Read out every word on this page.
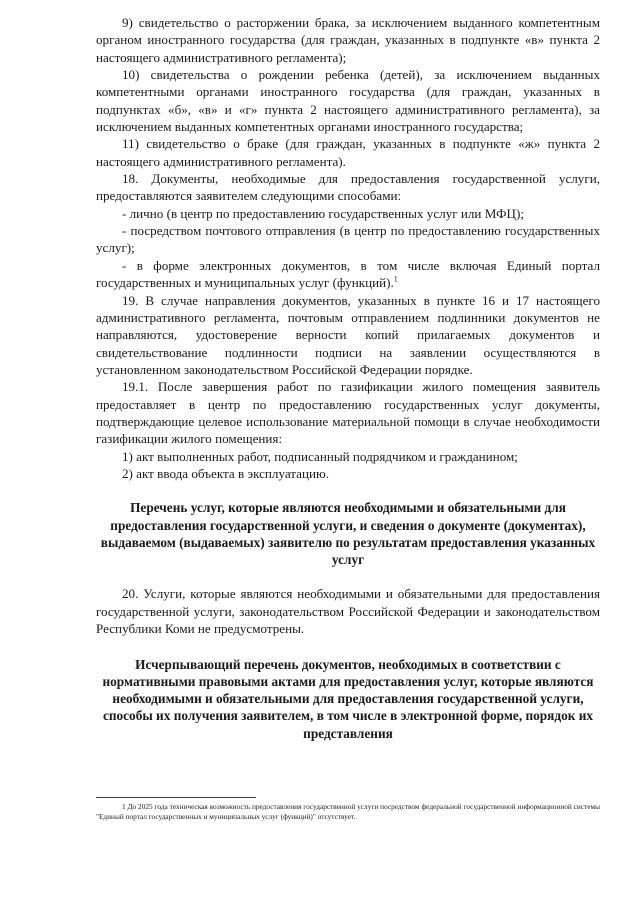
9) свидетельство о расторжении брака, за исключением выданного компетентным органом иностранного государства (для граждан, указанных в подпункте «в» пункта 2 настоящего административного регламента);

10) свидетельства о рождении ребенка (детей), за исключением выданных компетентными органами иностранного государства (для граждан, указанных в подпунктах «б», «в» и «г» пункта 2 настоящего административного регламента), за исключением выданных компетентных органами иностранного государства;

11) свидетельство о браке (для граждан, указанных в подпункте «ж» пункта 2 настоящего административного регламента).

18. Документы, необходимые для предоставления государственной услуги, предоставляются заявителем следующими способами:

- лично (в центр по предоставлению государственных услуг или МФЦ);

- посредством почтового отправления (в центр по предоставлению государственных услуг);

- в форме электронных документов, в том числе включая Единый портал государственных и муниципальных услуг (функций).$^1$

19. В случае направления документов, указанных в пункте 16 и 17 настоящего административного регламента, почтовым отправлением подлинники документов не направляются, удостоверение верности копий прилагаемых документов и свидетельствование подлинности подписи на заявлении осуществляются в установленном законодательством Российской Федерации порядке.

19.1. После завершения работ по газификации жилого помещения заявитель предоставляет в центр по предоставлению государственных услуг документы, подтверждающие целевое использование материальной помощи в случае необходимости газификации жилого помещения:

1) акт выполненных работ, подписанный подрядчиком и гражданином;

2) акт ввода объекта в эксплуатацию.

Перечень услуг, которые являются необходимыми и обязательными для предоставления государственной услуги, и сведения о документе (документах), выдаваемом (выдаваемых) заявителю по результатам предоставления указанных услуг

20. Услуги, которые являются необходимыми и обязательными для предоставления государственной услуги, законодательством Российской Федерации и законодательством Республики Коми не предусмотрены.

Исчерпывающий перечень документов, необходимых в соответствии с нормативными правовыми актами для предоставления услуг, которые являются необходимыми и обязательными для предоставления государственной услуги, способы их получения заявителем, в том числе в электронной форме, порядок их представления

1 До 2025 года техническая возможность предоставления государственной услуги посредством федеральной государственной информационной системы "Единый портал государственных и муниципальных услуг (функций)" отсутствует.
